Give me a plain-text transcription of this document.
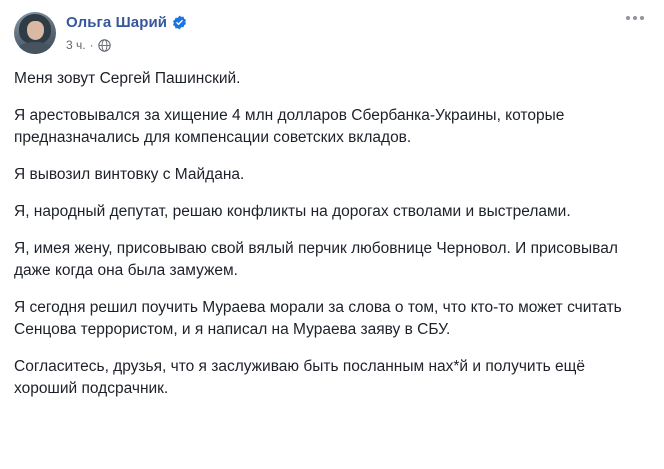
Ольга Шарий
3 ч. ·

Меня зовут Сергей Пашинский.

Я арестовывался за хищение 4 млн долларов Сбербанка-Украины, которые предназначались для компенсации советских вкладов.

Я вывозил винтовку с Майдана.

Я, народный депутат, решаю конфликты на дорогах стволами и выстрелами.

Я, имея жену, присовываю свой вялый перчик любовнице Черновол. И присовывал даже когда она была замужем.

Я сегодня решил поучить Мураева морали за слова о том, что кто-то может считать Сенцова террористом, и я написал на Мураева заяву в СБУ.

Согласитесь, друзья, что я заслуживаю быть посланным нах*й и получить ещё хороший подсрачник.
